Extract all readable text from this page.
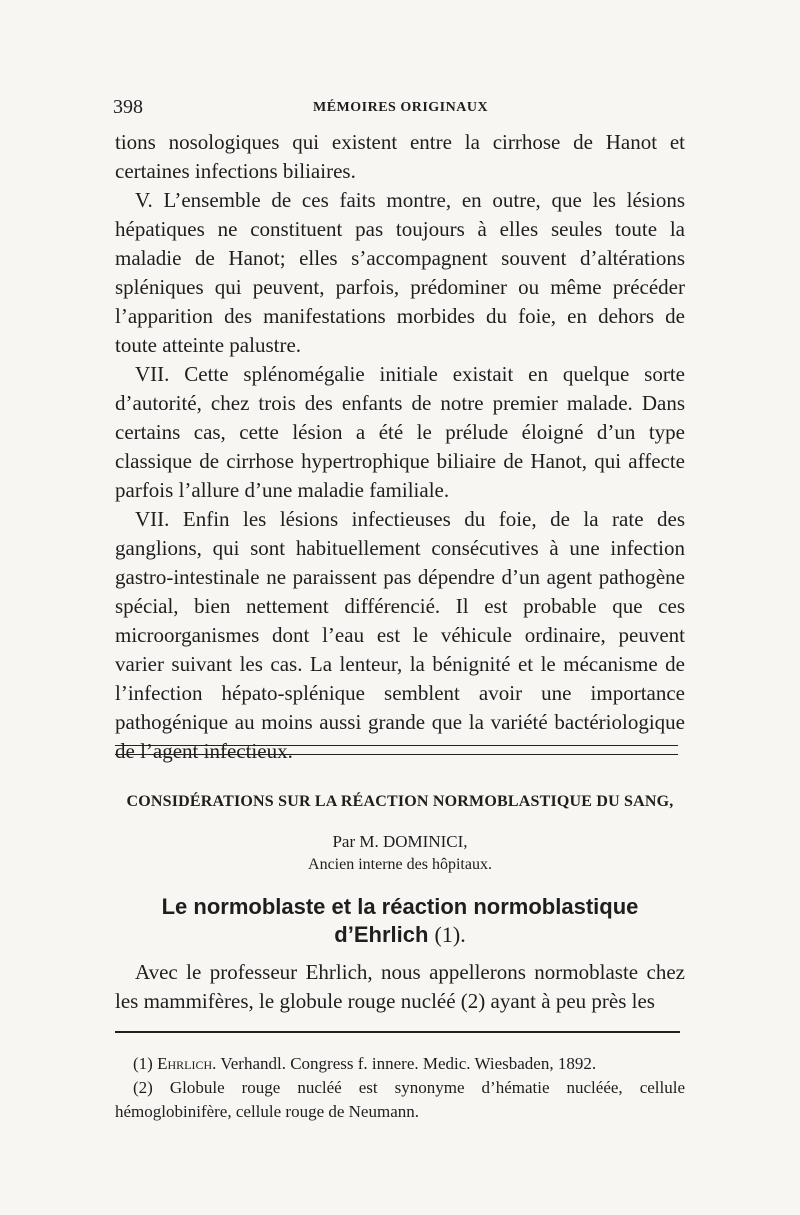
398	MÉMOIRES ORIGINAUX

tions nosologiques qui existent entre la cirrhose de Hanot et certaines infections biliaires.

V. L’ensemble de ces faits montre, en outre, que les lésions hépatiques ne constituent pas toujours à elles seules toute la maladie de Hanot; elles s’accompagnent souvent d’altérations spléniques qui peuvent, parfois, prédominer ou même précéder l’apparition des manifestations morbides du foie, en dehors de toute atteinte palustre.

VII. Cette splénomégalie initiale existait en quelque sorte d’autorité, chez trois des enfants de notre premier malade. Dans certains cas, cette lésion a été le prélude éloigné d’un type classique de cirrhose hypertrophique biliaire de Hanot, qui affecte parfois l’allure d’une maladie familiale.

VII. Enfin les lésions infectieuses du foie, de la rate des ganglions, qui sont habituellement consécutives à une infection gastro-intestinale ne paraissent pas dépendre d’un agent pathogène spécial, bien nettement différencié. Il est probable que ces microorganismes dont l’eau est le véhicule ordinaire, peuvent varier suivant les cas. La lenteur, la bénignité et le mécanisme de l’infection hépato-splénique semblent avoir une importance pathogénique au moins aussi grande que la variété bactériologique de l’agent infectieux.

CONSIDÉRATIONS SUR LA RÉACTION NORMOBLASTIQUE DU SANG,
Par M. DOMINICI,
Ancien interne des hôpitaux.
Le normoblaste et la réaction normoblastique
d’Ehrlich (1).

Avec le professeur Ehrlich, nous appellerons normoblaste chez les mammifères, le globule rouge nucléé (2) ayant à peu près les

(1) Ehrlich. Verhandl. Congress f. innere. Medic. Wiesbaden, 1892.

(2) Globule rouge nucléé est synonyme d’hématie nucléée, cellule hémoglobinifère, cellule rouge de Neumann.
